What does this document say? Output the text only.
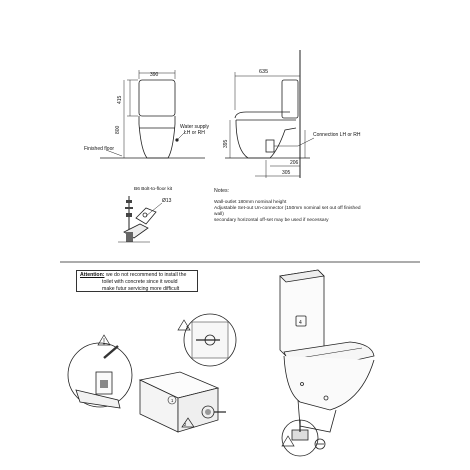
390
415
800	Water supply
LH or RH
Finished floor
635
395
206
305
Connection LH or RH
B6 Bolt-to-floor kit
Ø13
1
2
3
4
Notes:
Wall-outlet 180mm nominal height
Adjustable Set-out Un-connector (150mm nominal set out off finished wall)
secondary horizontal off-set may be used if necessary
Attention: we do not recommend to install the
toilet with concrete since it would
make futur servicing more difficult
